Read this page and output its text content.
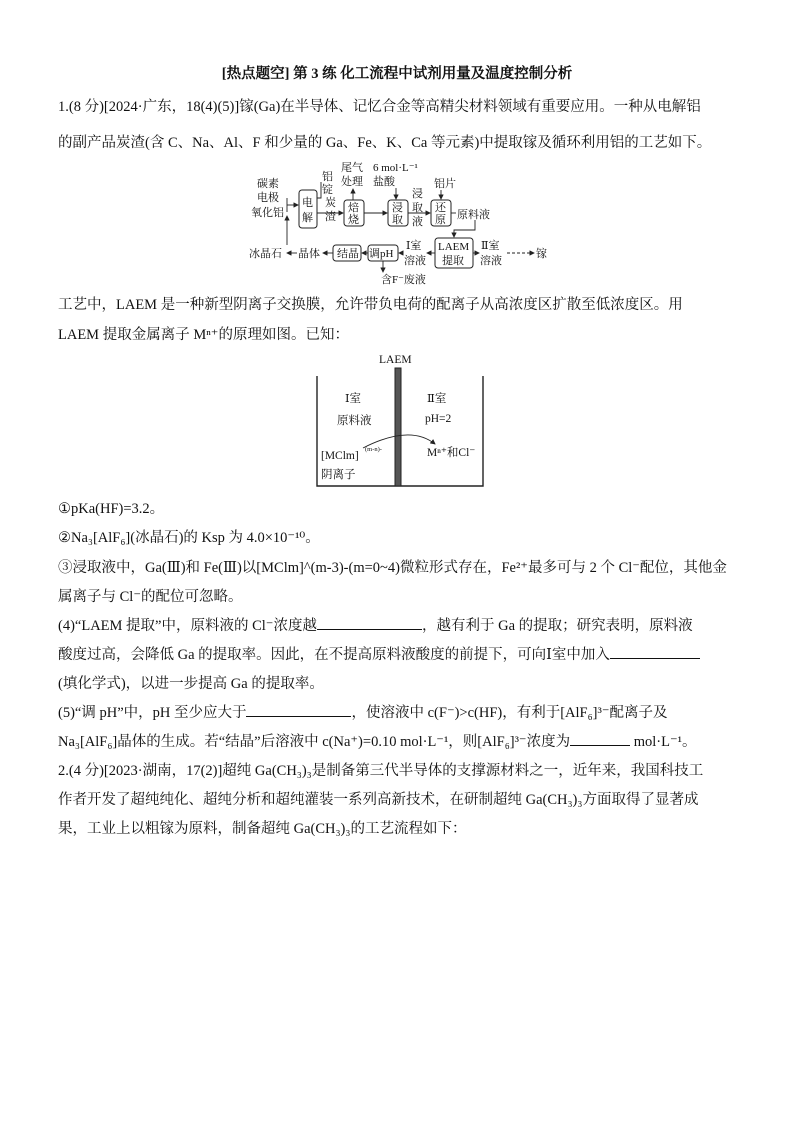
[热点题空] 第 3 练 化工流程中试剂用量及温度控制分析
1.(8 分)[2024·广东，18(4)(5)]镓(Ga)在半导体、记忆合金等高精尖材料领域有重要应用。一种从电解铝
的副产品炭渣(含 C、Na、Al、F 和少量的 Ga、Fe、K、Ca 等元素)中提取镓及循环利用铝的工艺如下。
碳素
电极
氧化铝
电
解
铝
锭
炭
渣
焙
烧
尾气
处理
6 mol·L⁻¹
盐酸
浸
取
浸
取
液
铝片
还
原 原料液
冰晶石 晶体 结晶 调pH
Ⅰ室
溶液
LAEM
提取
Ⅱ室
溶液
镓
含F⁻废液
工艺中，LAEM 是一种新型阴离子交换膜，允许带负电荷的配离子从高浓度区扩散至低浓度区。用
LAEM 提取金属离子 Mⁿ⁺的原理如图。已知：
LAEM
Ⅰ室
原料液
Ⅱ室
pH=2
[MClm]
(m-n)-
阴离子
Mⁿ⁺和Cl⁻
①pKa(HF)=3.2。
②Na₃[AlF₆](冰晶石)的 Ksp 为 4.0×10⁻¹⁰。
③浸取液中，Ga(Ⅲ)和 Fe(Ⅲ)以[MClm]^(m-3)-(m=0~4)微粒形式存在，Fe²⁺最多可与 2 个 Cl⁻配位，其他金
属离子与 Cl⁻的配位可忽略。
(4)“LAEM 提取”中，原料液的 Cl⁻浓度越	，越有利于 Ga 的提取；研究表明，原料液
酸度过高，会降低 Ga 的提取率。因此，在不提高原料液酸度的前提下，可向Ⅰ室中加入
(填化学式)，以进一步提高 Ga 的提取率。
(5)“调 pH”中，pH 至少应大于	，使溶液中 c(F⁻)>c(HF)，有利于[AlF₆]³⁻配离子及
Na₃[AlF₆]晶体的生成。若“结晶”后溶液中 c(Na⁺)=0.10 mol·L⁻¹，则[AlF₆]³⁻浓度为	mol·L⁻¹。
2.(4 分)[2023·湖南，17(2)]超纯 Ga(CH₃)₃是制备第三代半导体的支撑源材料之一，近年来，我国科技工
作者开发了超纯纯化、超纯分析和超纯灌装一系列高新技术，在研制超纯 Ga(CH₃)₃方面取得了显著成
果，工业上以粗镓为原料，制备超纯 Ga(CH₃)₃的工艺流程如下：
